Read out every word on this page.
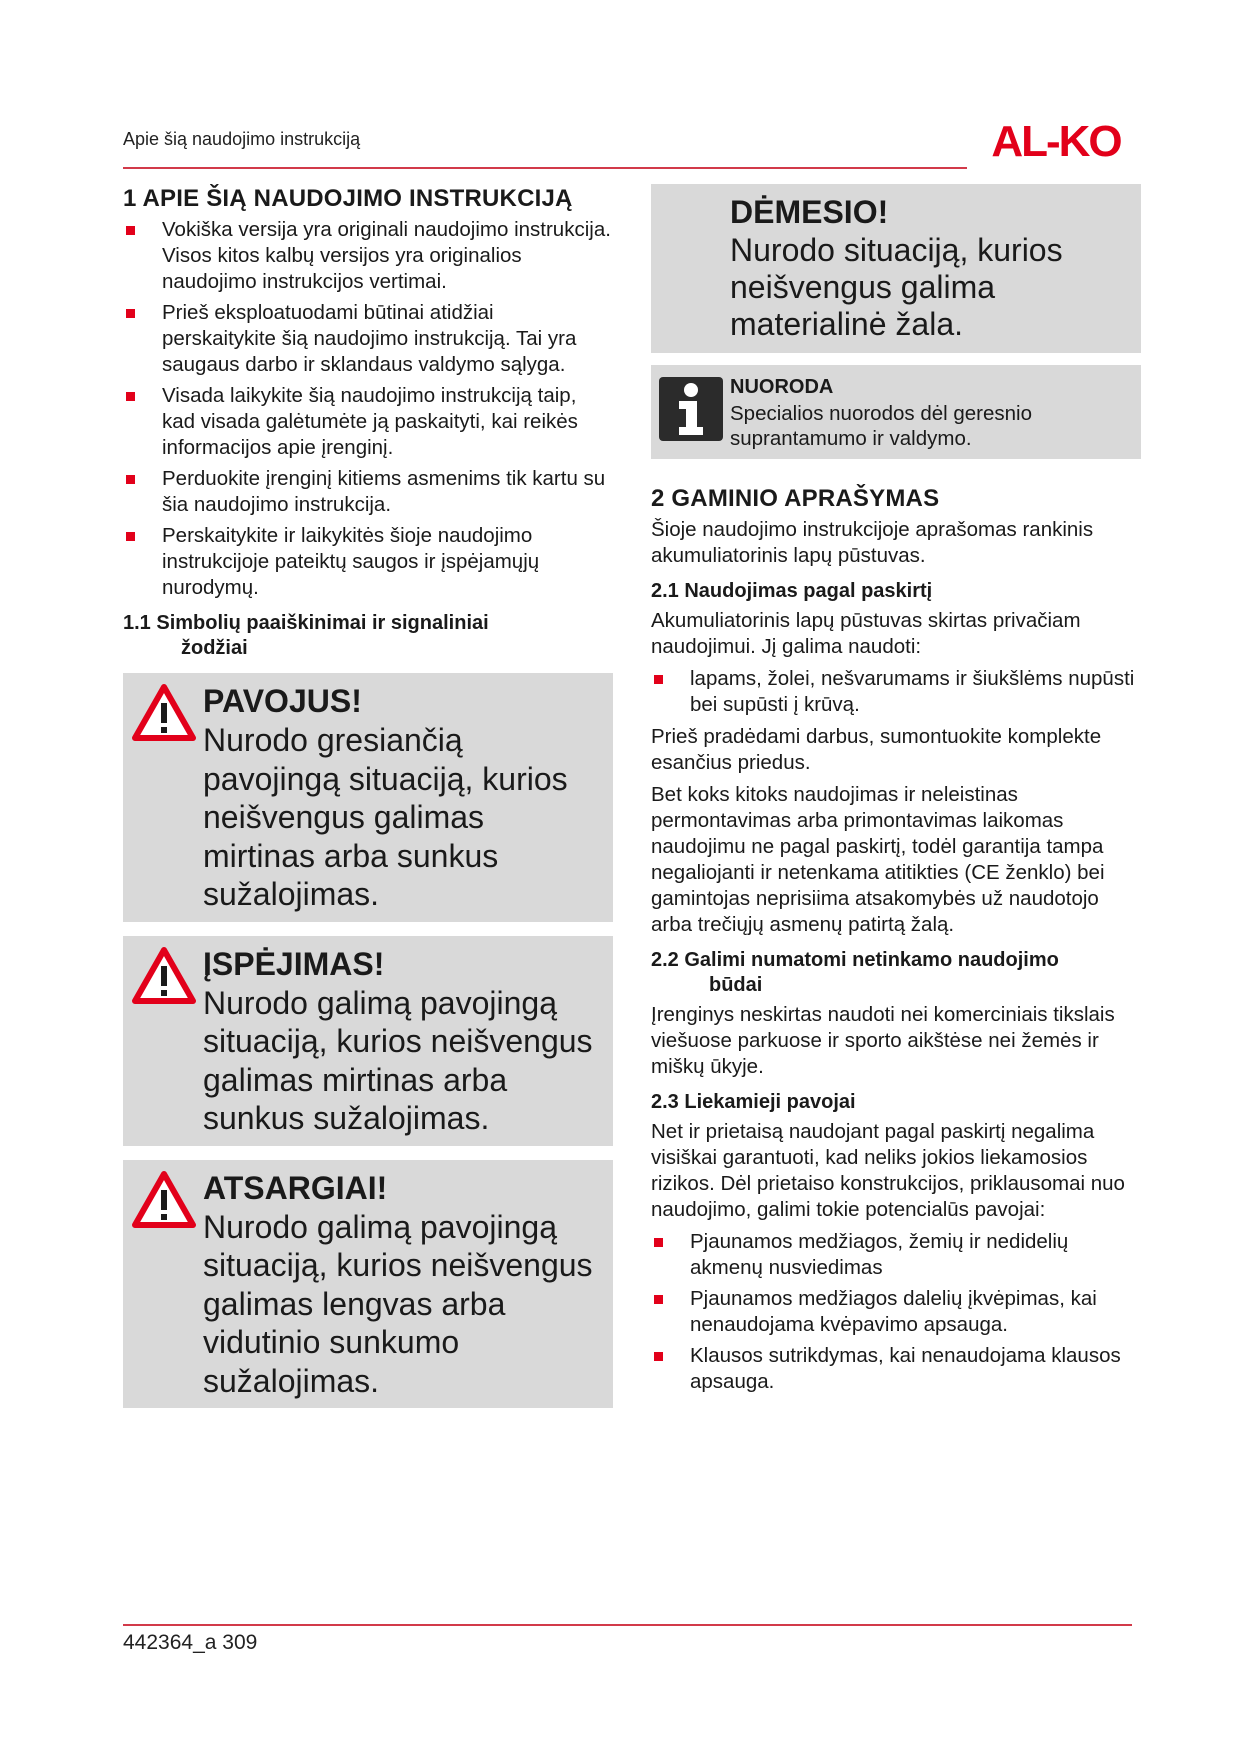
Apie šią naudojimo instrukciją	AL-KO
1 APIE ŠIĄ NAUDOJIMO INSTRUKCIJĄ
Vokiška versija yra originali naudojimo instrukcija. Visos kitos kalbų versijos yra originalios naudojimo instrukcijos vertimai.
Prieš eksploatuodami būtinai atidžiai perskaitykite šią naudojimo instrukciją. Tai yra saugaus darbo ir sklandaus valdymo sąlyga.
Visada laikykite šią naudojimo instrukciją taip, kad visada galėtumėte ją paskaityti, kai reikės informacijos apie įrenginį.
Perduokite įrenginį kitiems asmenims tik kartu su šia naudojimo instrukcija.
Perskaitykite ir laikykitės šioje naudojimo instrukcijoje pateiktų saugos ir įspėjamųjų nurodymų.
1.1 Simbolių paaiškinimai ir signaliniai
žodžiai
PAVOJUS!
Nurodo gresiančią pavojingą situaciją, kurios neišvengus galimas mirtinas arba sunkus sužalojimas.
ĮSPĖJIMAS!
Nurodo galimą pavojingą situaciją, kurios neišvengus galimas mirtinas arba sunkus sužalojimas.
ATSARGIAI!
Nurodo galimą pavojingą situaciją, kurios neišvengus galimas lengvas arba vidutinio sunkumo sužalojimas.
DĖMESIO!
Nurodo situaciją, kurios neišvengus galima materialinė žala.
NUORODA
Specialios nuorodos dėl geresnio suprantamumo ir valdymo.
2 GAMINIO APRAŠYMAS

Šioje naudojimo instrukcijoje aprašomas rankinis akumuliatorinis lapų pūstuvas.

2.1 Naudojimas pagal paskirtį

Akumuliatorinis lapų pūstuvas skirtas privačiam naudojimui. Jį galima naudoti:

lapams, žolei, nešvarumams ir šiukšlėms nupūsti bei supūsti į krūvą.

Prieš pradėdami darbus, sumontuokite komplekte esančius priedus.

Bet koks kitoks naudojimas ir neleistinas permontavimas arba primontavimas laikomas naudojimu ne pagal paskirtį, todėl garantija tampa negaliojanti ir netenkama atitikties (CE ženklo) bei gamintojas neprisiima atsakomybės už naudotojo arba trečiųjų asmenų patirtą žalą.

2.2 Galimi numatomi netinkamo naudojimo
būdai

Įrenginys neskirtas naudoti nei komerciniais tikslais viešuose parkuose ir sporto aikštėse nei žemės ir miškų ūkyje.

2.3 Liekamieji pavojai

Net ir prietaisą naudojant pagal paskirtį negalima visiškai garantuoti, kad neliks jokios liekamosios rizikos. Dėl prietaiso konstrukcijos, priklausomai nuo naudojimo, galimi tokie potencialūs pavojai:

Pjaunamos medžiagos, žemių ir nedidelių akmenų nusviedimas
Pjaunamos medžiagos dalelių įkvėpimas, kai nenaudojama kvėpavimo apsauga.
Klausos sutrikdymas, kai nenaudojama klausos apsauga.
442364_a 309
